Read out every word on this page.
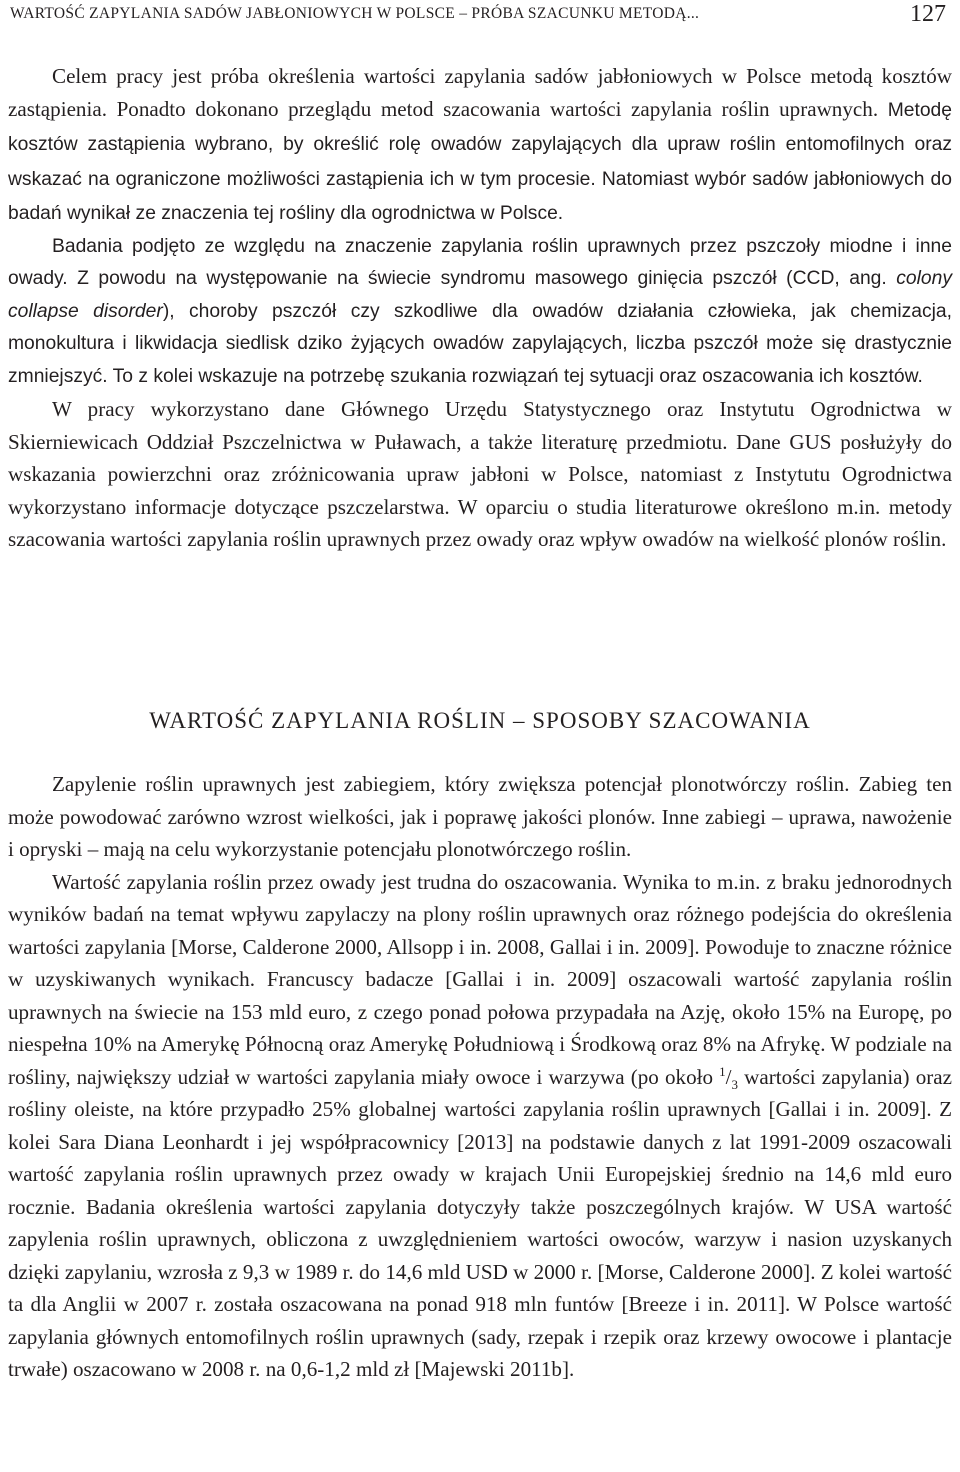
WARTOŚĆ ZAPYLANIA SADÓW JABŁONIOWYCH W POLSCE – PRÓBA SZACUNKU METODĄ...	127

Celem pracy jest próba określenia wartości zapylania sadów jabłoniowych w Polsce metodą kosztów zastąpienia. Ponadto dokonano przeglądu metod szacowania wartości zapylania roślin uprawnych. Metodę kosztów zastąpienia wybrano, by określić rolę owadów zapylających dla upraw roślin entomofilnych oraz wskazać na ograniczone możliwości zastąpienia ich w tym procesie. Natomiast wybór sadów jabłoniowych do badań wynikał ze znaczenia tej rośliny dla ogrodnictwa w Polsce.

Badania podjęto ze względu na znaczenie zapylania roślin uprawnych przez pszczoły miodne i inne owady. Z powodu na występowanie na świecie syndromu masowego ginięcia pszczół (CCD, ang. colony collapse disorder), choroby pszczół czy szkodliwe dla owadów działania człowieka, jak chemizacja, monokultura i likwidacja siedlisk dziko żyjących owadów zapylających, liczba pszczół może się drastycznie zmniejszyć. To z kolei wskazuje na potrzebę szukania rozwiązań tej sytuacji oraz oszacowania ich kosztów.

W pracy wykorzystano dane Głównego Urzędu Statystycznego oraz Instytutu Ogrodnictwa w Skierniewicach Oddział Pszczelnictwa w Puławach, a także literaturę przedmiotu. Dane GUS posłużyły do wskazania powierzchni oraz zróżnicowania upraw jabłoni w Polsce, natomiast z Instytutu Ogrodnictwa wykorzystano informacje dotyczące pszczelarstwa. W oparciu o studia literaturowe określono m.in. metody szacowania wartości zapylania roślin uprawnych przez owady oraz wpływ owadów na wielkość plonów roślin.

WARTOŚĆ ZAPYLANIA ROŚLIN – SPOSOBY SZACOWANIA

Zapylenie roślin uprawnych jest zabiegiem, który zwiększa potencjał plonotwórczy roślin. Zabieg ten może powodować zarówno wzrost wielkości, jak i poprawę jakości plonów. Inne zabiegi – uprawa, nawożenie i opryski – mają na celu wykorzystanie potencjału plonotwórczego roślin.

Wartość zapylania roślin przez owady jest trudna do oszacowania. Wynika to m.in. z braku jednorodnych wyników badań na temat wpływu zapylaczy na plony roślin uprawnych oraz różnego podejścia do określenia wartości zapylania [Morse, Calderone 2000, Allsopp i in. 2008, Gallai i in. 2009]. Powoduje to znaczne różnice w uzyskiwanych wynikach. Francuscy badacze [Gallai i in. 2009] oszacowali wartość zapylania roślin uprawnych na świecie na 153 mld euro, z czego ponad połowa przypadała na Azję, około 15% na Europę, po niespełna 10% na Amerykę Północną oraz Amerykę Południową i Środkową oraz 8% na Afrykę. W podziale na rośliny, największy udział w wartości zapylania miały owoce i warzywa (po około $^1/_3$ wartości zapylania) oraz rośliny oleiste, na które przypadło 25% globalnej wartości zapylania roślin uprawnych [Gallai i in. 2009]. Z kolei Sara Diana Leonhardt i jej współpracownicy [2013] na podstawie danych z lat 1991-2009 oszacowali wartość zapylania roślin uprawnych przez owady w krajach Unii Europejskiej średnio na 14,6 mld euro rocznie. Badania określenia wartości zapylania dotyczyły także poszczególnych krajów. W USA wartość zapylenia roślin uprawnych, obliczona z uwzględnieniem wartości owoców, warzyw i nasion uzyskanych dzięki zapylaniu, wzrosła z 9,3 w 1989 r. do 14,6 mld USD w 2000 r. [Morse, Calderone 2000]. Z kolei wartość ta dla Anglii w 2007 r. została oszacowana na ponad 918 mln funtów [Breeze i in. 2011]. W Polsce wartość zapylania głównych entomofilnych roślin uprawnych (sady, rzepak i rzepik oraz krzewy owocowe i plantacje trwałe) oszacowano w 2008 r. na 0,6-1,2 mld zł [Majewski 2011b].
